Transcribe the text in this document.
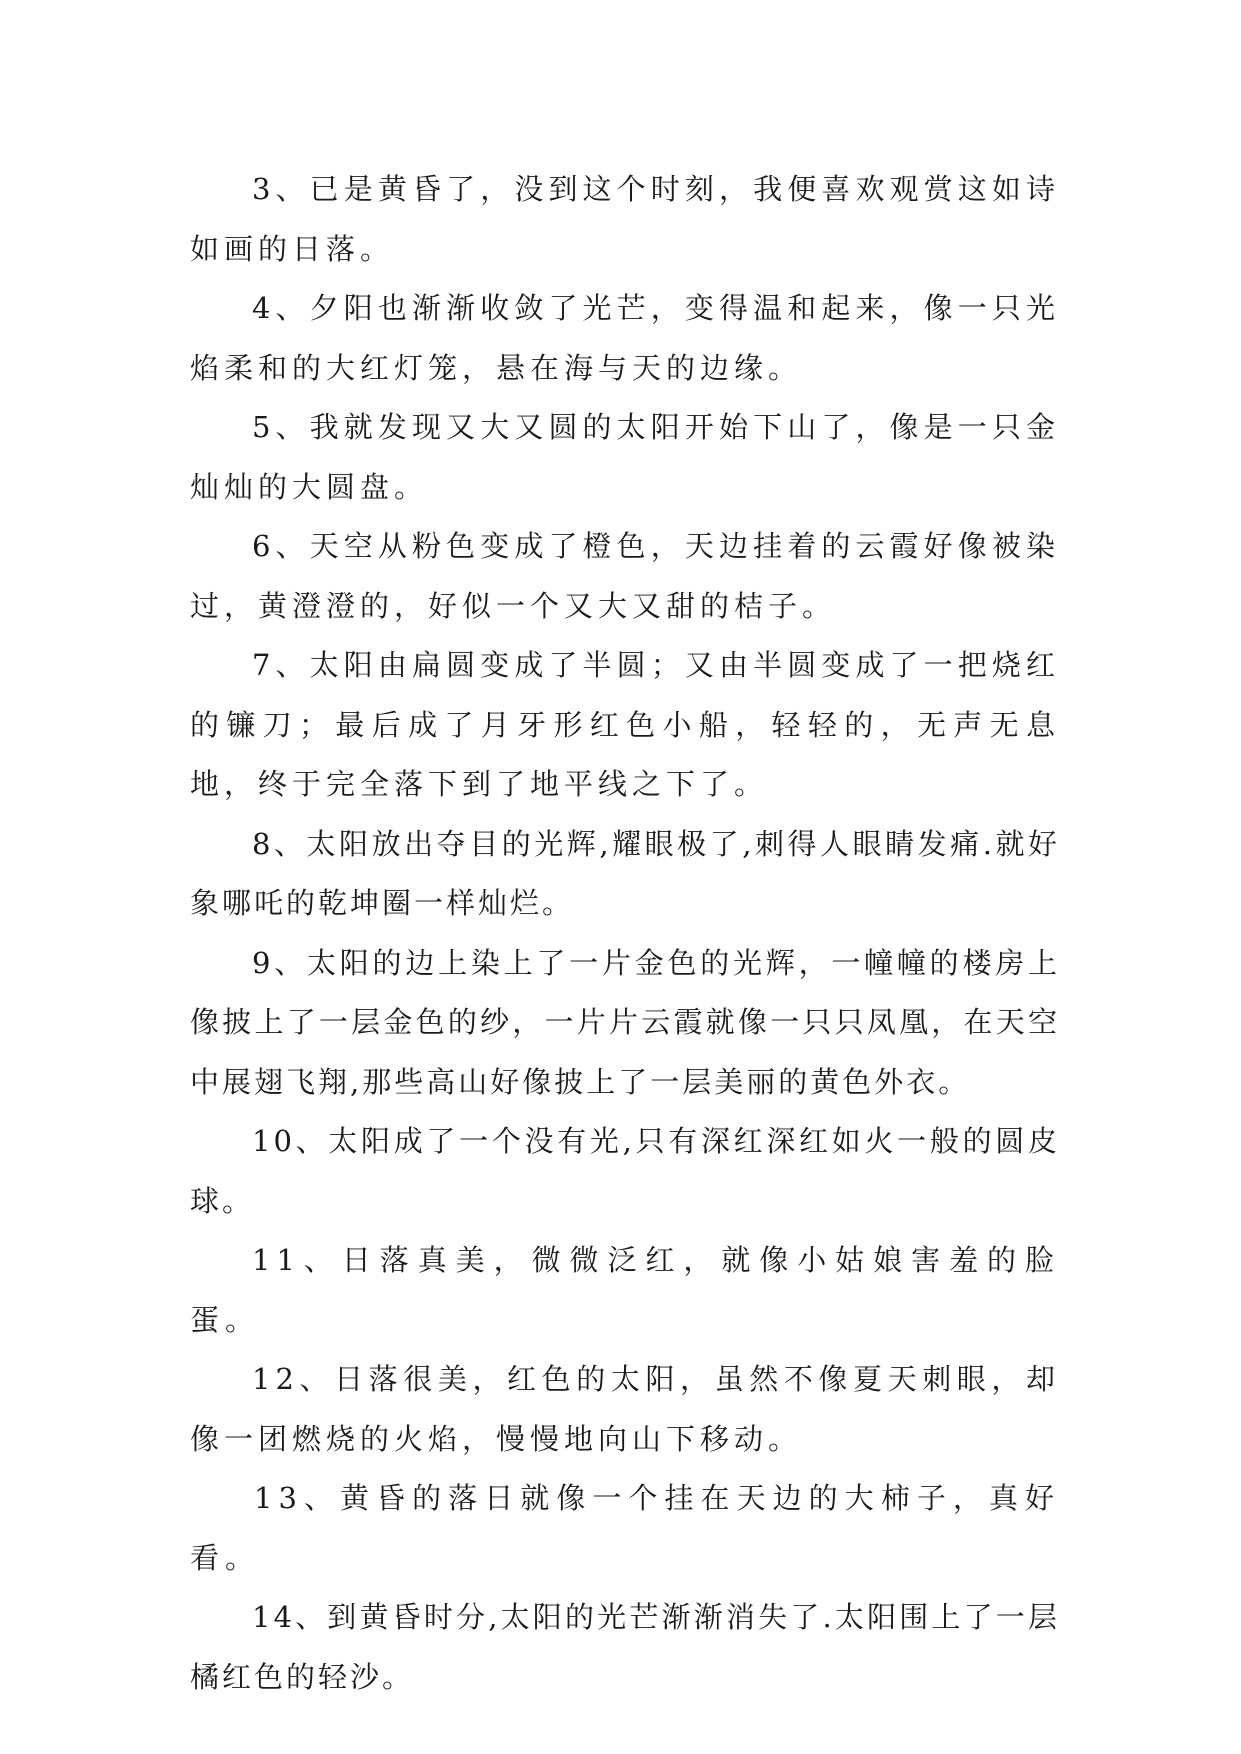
3、已是黄昏了，没到这个时刻，我便喜欢观赏这如诗如画的日落。

4、夕阳也渐渐收敛了光芒，变得温和起来，像一只光焰柔和的大红灯笼，悬在海与天的边缘。

5、我就发现又大又圆的太阳开始下山了，像是一只金灿灿的大圆盘。

6、天空从粉色变成了橙色，天边挂着的云霞好像被染过，黄澄澄的，好似一个又大又甜的桔子。

7、太阳由扁圆变成了半圆；又由半圆变成了一把烧红的镰刀；最后成了月牙形红色小船，轻轻的，无声无息地，终于完全落下到了地平线之下了。

8、太阳放出夺目的光辉,耀眼极了,刺得人眼睛发痛.就好象哪吒的乾坤圈一样灿烂。

9、太阳的边上染上了一片金色的光辉，一幢幢的楼房上像披上了一层金色的纱，一片片云霞就像一只只凤凰，在天空中展翅飞翔,那些高山好像披上了一层美丽的黄色外衣。

10、太阳成了一个没有光,只有深红深红如火一般的圆皮球。

11、日落真美，微微泛红，就像小姑娘害羞的脸蛋。

12、日落很美，红色的太阳，虽然不像夏天刺眼，却像一团燃烧的火焰，慢慢地向山下移动。

13、黄昏的落日就像一个挂在天边的大柿子，真好看。

14、到黄昏时分,太阳的光芒渐渐消失了.太阳围上了一层橘红色的轻沙。
